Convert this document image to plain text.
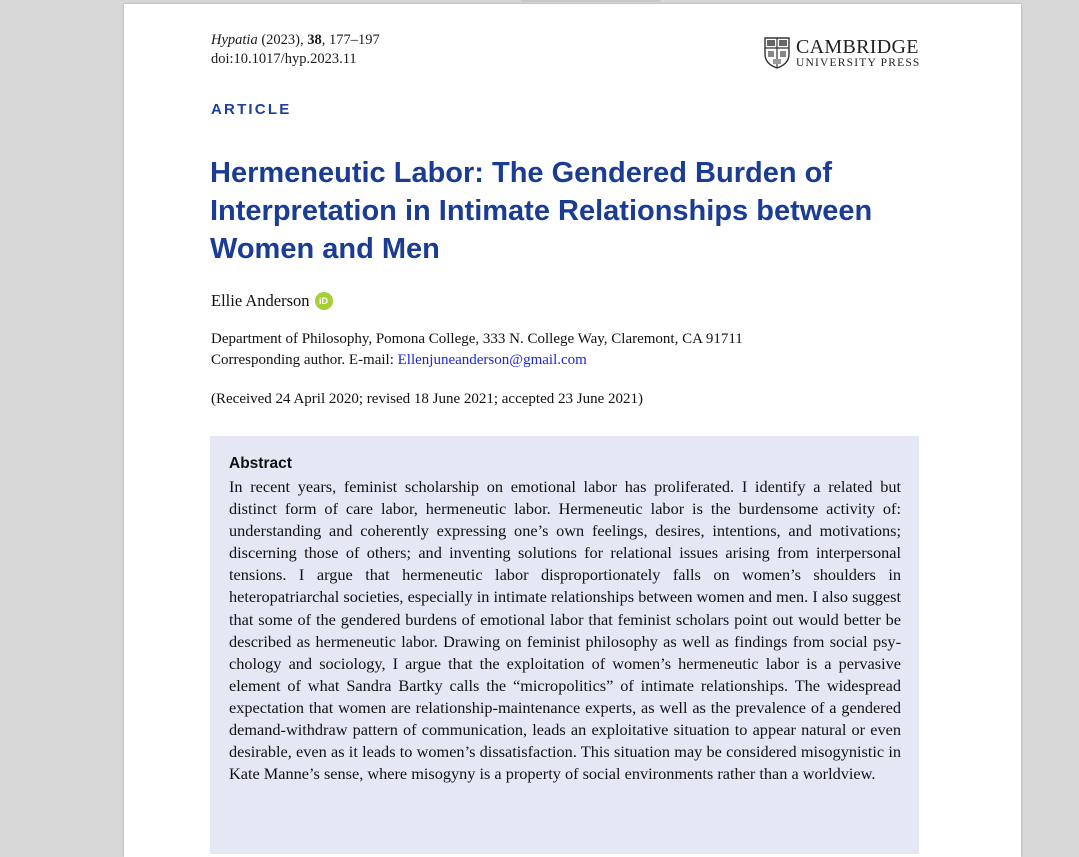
Hypatia (2023), 38, 177–197
doi:10.1017/hyp.2023.11
CAMBRIDGE
UNIVERSITY PRESS
ARTICLE
Hermeneutic Labor: The Gendered Burden of Interpretation in Intimate Relationships between Women and Men
Ellie Anderson	iD
Department of Philosophy, Pomona College, 333 N. College Way, Claremont, CA 91711
Corresponding author. E-mail: Ellenjuneanderson@gmail.com
(Received 24 April 2020; revised 18 June 2021; accepted 23 June 2021)
Abstract

In recent years, feminist scholarship on emotional labor has proliferated. I identify a related but distinct form of care labor, hermeneutic labor. Hermeneutic labor is the burdensome activity of: understanding and coherently expressing one’s own feelings, desires, intentions, and motivations; discerning those of others; and inventing solutions for relational issues arising from interpersonal tensions. I argue that hermeneutic labor disproportionately falls on women’s shoulders in heteropatriarchal societies, especially in intimate relationships between women and men. I also suggest that some of the gendered burdens of emotional labor that feminist scholars point out would better be described as hermeneutic labor. Drawing on feminist philosophy as well as findings from social psychology and sociology, I argue that the exploitation of women’s hermeneutic labor is a pervasive element of what Sandra Bartky calls the “micropolitics” of intimate relationships. The widespread expectation that women are relationship-maintenance experts, as well as the prevalence of a gendered demand-withdraw pattern of communication, leads an exploitative situation to appear natural or even desirable, even as it leads to women’s dissatisfaction. This situation may be considered misogynistic in Kate Manne’s sense, where misogyny is a property of social environments rather than a worldview.
